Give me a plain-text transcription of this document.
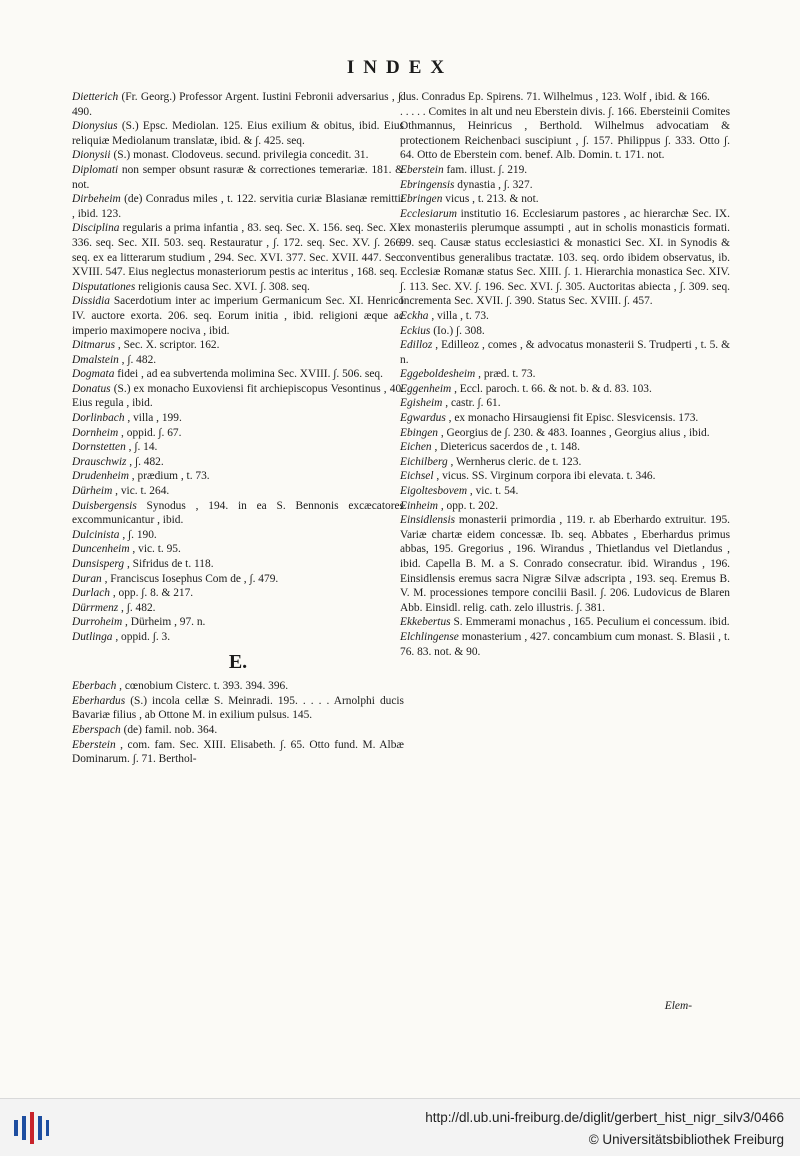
INDEX

Dietterich (Fr. Georg.) Professor Argent. Iustini Febronii adversarius , ∫. 490.

Dionysius (S.) Epsc. Mediolan. 125. Eius exilium & obitus, ibid. Eius reliquiæ Mediolanum translatæ, ibid. & ∫. 425. seq.

Dionysii (S.) monast. Clodoveus. secund. privilegia concedit. 31.

Diplomati non semper obsunt rasuræ & correctiones temerariæ. 181. & not.

Dirbeheim (de) Conradus miles , t. 122. servitia curiæ Blasianæ remittit , ibid. 123.

Disciplina regularis a prima infantia , 83. seq. Sec. X. 156. seq. Sec. XI. 336. seq. Sec. XII. 503. seq. Restauratur , ∫. 172. seq. Sec. XV. ∫. 266. seq. ex ea litterarum studium , 294. Sec. XVI. 377. Sec. XVII. 447. Sec. XVIII. 547. Eius neglectus monasteriorum pestis ac interitus , 168. seq.

Disputationes religionis causa Sec. XVI. ∫. 308. seq.

Dissidia Sacerdotium inter ac imperium Germanicum Sec. XI. Henrico IV. auctore exorta. 206. seq. Eorum initia , ibid. religioni æque ac imperio maximopere nociva , ibid.

Ditmarus , Sec. X. scriptor. 162.

Dmalstein , ∫. 482.

Dogmata fidei , ad ea subvertenda molimina Sec. XVIII. ∫. 506. seq.

Donatus (S.) ex monacho Euxoviensi fit archiepiscopus Vesontinus , 40. Eius regula , ibid.

Dorlinbach , villa , 199.

Dornheim , oppid. ∫. 67.

Dornstetten , ∫. 14.

Drauschwiz , ∫. 482.

Drudenheim , prædium , t. 73.

Dürheim , vic. t. 264.

Duisbergensis Synodus , 194. in ea S. Bennonis excæcatores excommunicantur , ibid.

Dulcinista , ∫. 190.

Duncenheim , vic. t. 95.

Dunsisperg , Sifridus de t. 118.

Duran , Franciscus Iosephus Com de , ∫. 479.

Durlach , opp. ∫. 8. & 217.

Dürrmenz , ∫. 482.

Durroheim , Dürheim , 97. n.

Dutlinga , oppid. ∫. 3.

E.

Eberbach , cœnobium Cisterc. t. 393. 394. 396.

Eberhardus (S.) incola cellæ S. Meinradi. 195. . . . . Arnolphi ducis Bavariæ filius , ab Ottone M. in exilium pulsus. 145.

Eberspach (de) famil. nob. 364.

Eberstein , com. fam. Sec. XIII. Elisabeth. ∫. 65. Otto fund. M. Albæ Dominarum. ∫. 71. Berthol-

dus. Conradus Ep. Spirens. 71. Wilhelmus , 123. Wolf , ibid. & 166.

. . . . . Comites in alt und neu Eberstein divis. ∫. 166. Ebersteinii Comites Othmannus, Heinricus , Berthold. Wilhelmus advocatiam & protectionem Reichenbaci suscipiunt , ∫. 157. Philippus ∫. 333. Otto ∫. 64. Otto de Eberstein com. benef. Alb. Domin. t. 171. not.

Eberstein fam. illust. ∫. 219.

Ebringensis dynastia , ∫. 327.

Ebringen vicus , t. 213. & not.

Ecclesiarum institutio 16. Ecclesiarum pastores , ac hierarchæ Sec. IX. ex monasteriis plerumque assumpti , aut in scholis monasticis formati. 99. seq. Causæ status ecclesiastici & monastici Sec. XI. in Synodis & conventibus generalibus tractatæ. 103. seq. ordo ibidem observatus, ib. Ecclesiæ Romanæ status Sec. XIII. ∫. 1. Hierarchia monastica Sec. XIV. ∫. 113. Sec. XV. ∫. 196. Sec. XVI. ∫. 305. Auctoritas abiecta , ∫. 309. seq. Incrementa Sec. XVII. ∫. 390. Status Sec. XVIII. ∫. 457.

Eckha , villa , t. 73.

Eckius (Io.) ∫. 308.

Edilloz , Edilleoz , comes , & advocatus monasterii S. Trudperti , t. 5. & n.

Eggeboldesheim , præd. t. 73.

Eggenheim , Eccl. paroch. t. 66. & not. b. & d. 83. 103.

Egisheim , castr. ∫. 61.

Egwardus , ex monacho Hirsaugiensi fit Episc. Slesvicensis. 173.

Ebingen , Georgius de ∫. 230. & 483. Ioannes , Georgius alius , ibid.

Eichen , Dietericus sacerdos de , t. 148.

Eichilberg , Wernherus cleric. de t. 123.

Eichsel , vicus. SS. Virginum corpora ibi elevata. t. 346.

Eigoltesbovem , vic. t. 54.

Einheim , opp. t. 202.

Einsidlensis monasterii primordia , 119. r. ab Eberhardo extruitur. 195. Variæ chartæ eidem concessæ. Ib. seq. Abbates , Eberhardus primus abbas, 195. Gregorius , 196. Wirandus , Thietlandus vel Dietlandus , ibid. Capella B. M. a S. Conrado consecratur. ibid. Wirandus , 196. Einsidlensis eremus sacra Nigræ Silvæ adscripta , 193. seq. Eremus B. V. M. processiones tempore concilii Basil. ∫. 206. Ludovicus de Blaren Abb. Einsidl. relig. cath. zelo illustris. ∫. 381.

Ekkebertus S. Emmerami monachus , 165. Peculium ei concessum. ibid.

Elchlingense monasterium , 427. concambium cum monast. S. Blasii , t. 76. 83. not. & 90.

Elem-
http://dl.ub.uni-freiburg.de/diglit/gerbert_hist_nigr_silv3/0466
© Universitätsbibliothek Freiburg
